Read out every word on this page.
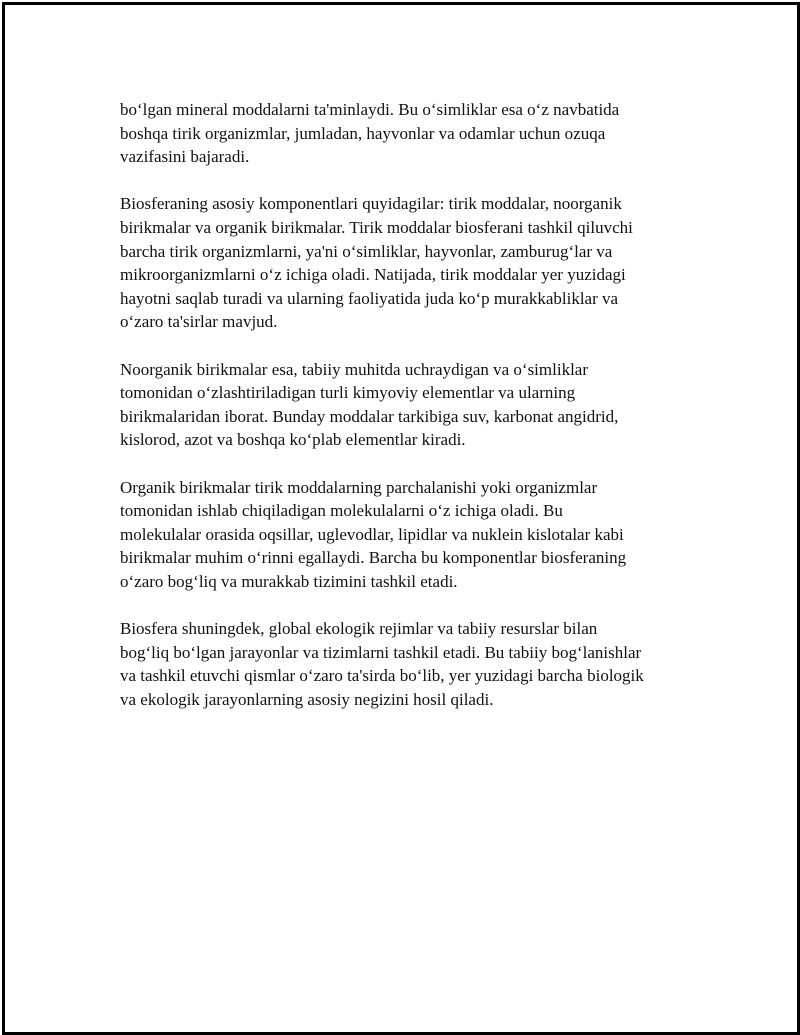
bo‘lgan mineral moddalarni ta'minlaydi. Bu o‘simliklar esa o‘z navbatida
boshqa tirik organizmlar, jumladan, hayvonlar va odamlar uchun ozuqa
vazifasini bajaradi.

Biosferaning asosiy komponentlari quyidagilar: tirik moddalar, noorganik
birikmalar va organik birikmalar. Tirik moddalar biosferani tashkil qiluvchi
barcha tirik organizmlarni, ya'ni o‘simliklar, hayvonlar, zamburug‘lar va
mikroorganizmlarni o‘z ichiga oladi. Natijada, tirik moddalar yer yuzidagi
hayotni saqlab turadi va ularning faoliyatida juda ko‘p murakkabliklar va
o‘zaro ta'sirlar mavjud.

Noorganik birikmalar esa, tabiiy muhitda uchraydigan va o‘simliklar
tomonidan o‘zlashtiriladigan turli kimyoviy elementlar va ularning
birikmalaridan iborat. Bunday moddalar tarkibiga suv, karbonat angidrid,
kislorod, azot va boshqa ko‘plab elementlar kiradi.

Organik birikmalar tirik moddalarning parchalanishi yoki organizmlar
tomonidan ishlab chiqiladigan molekulalarni o‘z ichiga oladi. Bu
molekulalar orasida oqsillar, uglevodlar, lipidlar va nuklein kislotalar kabi
birikmalar muhim o‘rinni egallaydi. Barcha bu komponentlar biosferaning
o‘zaro bog‘liq va murakkab tizimini tashkil etadi.

Biosfera shuningdek, global ekologik rejimlar va tabiiy resurslar bilan
bog‘liq bo‘lgan jarayonlar va tizimlarni tashkil etadi. Bu tabiiy bog‘lanishlar
va tashkil etuvchi qismlar o‘zaro ta'sirda bo‘lib, yer yuzidagi barcha biologik
va ekologik jarayonlarning asosiy negizini hosil qiladi.
